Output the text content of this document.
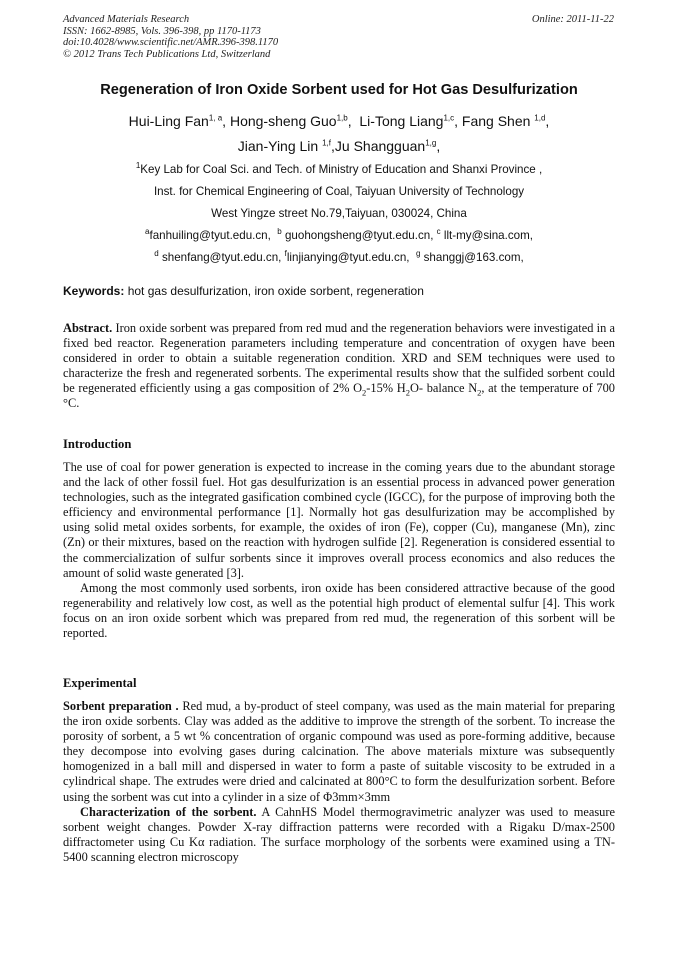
Advanced Materials Research
ISSN: 1662-8985, Vols. 396-398, pp 1170-1173
doi:10.4028/www.scientific.net/AMR.396-398.1170
© 2012 Trans Tech Publications Ltd, Switzerland
Online: 2011-11-22
Regeneration of Iron Oxide Sorbent used for Hot Gas Desulfurization
Hui-Ling Fan$^{1, a}$, Hong-sheng Guo$^{1,b}$,  Li-Tong Liang$^{1,c}$, Fang Shen $^{1,d}$,
Jian-Ying Lin $^{1,f}$,Ju Shangguan$^{1,g}$,
$^1$Key Lab for Coal Sci. and Tech. of Ministry of Education and Shanxi Province ,
Inst. for Chemical Engineering of Coal, Taiyuan University of Technology
West Yingze street No.79,Taiyuan, 030024, China
$^a$fanhuiling@tyut.edu.cn, $^b$ guohongsheng@tyut.edu.cn, $^c$ llt-my@sina.com,
$^d$ shenfang@tyut.edu.cn, $^f$linjianying@tyut.edu.cn, $^g$ shanggj@163.com,
Keywords: hot gas desulfurization, iron oxide sorbent, regeneration

Abstract. Iron oxide sorbent was prepared from red mud and the regeneration behaviors were investigated in a fixed bed reactor. Regeneration parameters including temperature and concentration of oxygen have been considered in order to obtain a suitable regeneration condition. XRD and SEM techniques were used to characterize the fresh and regenerated sorbents. The experimental results show that the sulfided sorbent could be regenerated efficiently using a gas composition of 2% $O_2-15\%$ $H_2O-$ balance $N_2$, at the temperature of 700 °C.

Introduction

The use of coal for power generation is expected to increase in the coming years due to the abundant storage and the lack of other fossil fuel. Hot gas desulfurization is an essential process in advanced power generation technologies, such as the integrated gasification combined cycle (IGCC), for the purpose of improving both the efficiency and environmental performance [1]. Normally hot gas desulfurization may be accomplished by using solid metal oxides sorbents, for example, the oxides of iron (Fe), copper (Cu), manganese (Mn), zinc (Zn) or their mixtures, based on the reaction with hydrogen sulfide [2]. Regeneration is considered essential to the commercialization of sulfur sorbents since it improves overall process economics and also reduces the amount of solid waste generated [3].

Among the most commonly used sorbents, iron oxide has been considered attractive because of the good regenerability and relatively low cost, as well as the potential high product of elemental sulfur [4]. This work focus on an iron oxide sorbent which was prepared from red mud, the regeneration of this sorbent will be reported.

Experimental

Sorbent preparation . Red mud, a by-product of steel company, was used as the main material for preparing the iron oxide sorbents. Clay was added as the additive to improve the strength of the sorbent. To increase the porosity of sorbent, a 5 wt % concentration of organic compound was used as pore-forming additive, because they decompose into evolving gases during calcination. The above materials mixture was subsequently homogenized in a ball mill and dispersed in water to form a paste of suitable viscosity to be extruded in a cylindrical shape. The extrudes were dried and calcinated at 800°C to form the desulfurization sorbent. Before using the sorbent was cut into a cylinder in a size of Φ3mm×3mm

Characterization of the sorbent. A CahnHS Model thermogravimetric analyzer was used to measure sorbent weight changes. Powder X-ray diffraction patterns were recorded with a Rigaku D/max-2500 diffractometer using Cu Kα radiation. The surface morphology of the sorbents were examined using a TN-5400 scanning electron microscopy
